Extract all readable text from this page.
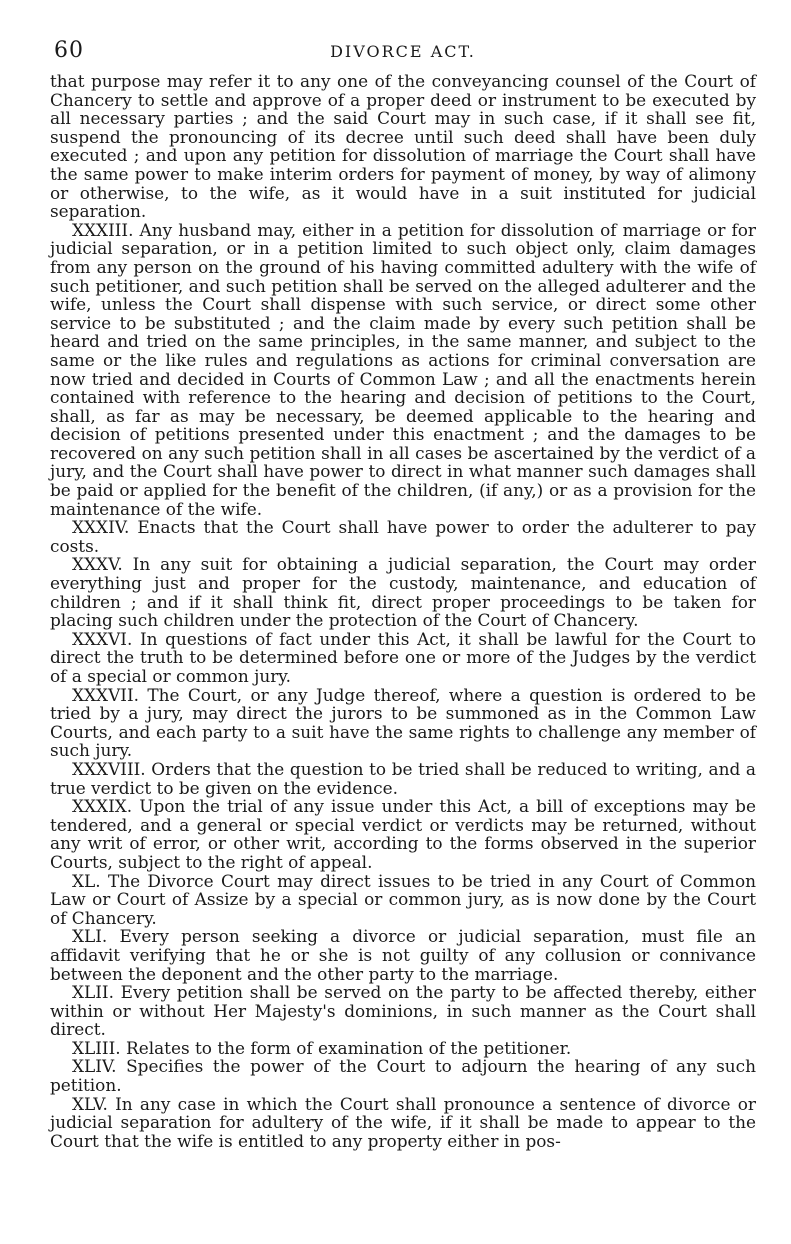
60	DIVORCE ACT.

that purpose may refer it to any one of the conveyancing counsel of the Court of Chancery to settle and approve of a proper deed or instrument to be executed by all necessary parties ; and the said Court may in such case, if it shall see fit, suspend the pronouncing of its decree until such deed shall have been duly executed ; and upon any petition for dissolution of marriage the Court shall have the same power to make interim orders for payment of money, by way of alimony or otherwise, to the wife, as it would have in a suit instituted for judicial separation.

XXXIII. Any husband may, either in a petition for dissolution of marriage or for judicial separation, or in a petition limited to such object only, claim damages from any person on the ground of his having committed adultery with the wife of such petitioner, and such petition shall be served on the alleged adulterer and the wife, unless the Court shall dispense with such service, or direct some other service to be substituted ; and the claim made by every such petition shall be heard and tried on the same principles, in the same manner, and subject to the same or the like rules and regulations as actions for criminal conversation are now tried and decided in Courts of Common Law ; and all the enactments herein contained with reference to the hearing and decision of petitions to the Court, shall, as far as may be necessary, be deemed applicable to the hearing and decision of petitions presented under this enactment ; and the damages to be recovered on any such petition shall in all cases be ascertained by the verdict of a jury, and the Court shall have power to direct in what manner such damages shall be paid or applied for the benefit of the children, (if any,) or as a provision for the maintenance of the wife.

XXXIV. Enacts that the Court shall have power to order the adulterer to pay costs.

XXXV. In any suit for obtaining a judicial separation, the Court may order everything just and proper for the custody, maintenance, and education of children ; and if it shall think fit, direct proper proceedings to be taken for placing such children under the protection of the Court of Chancery.

XXXVI. In questions of fact under this Act, it shall be lawful for the Court to direct the truth to be determined before one or more of the Judges by the verdict of a special or common jury.

XXXVII. The Court, or any Judge thereof, where a question is ordered to be tried by a jury, may direct the jurors to be summoned as in the Common Law Courts, and each party to a suit have the same rights to challenge any member of such jury.

XXXVIII. Orders that the question to be tried shall be reduced to writing, and a true verdict to be given on the evidence.

XXXIX. Upon the trial of any issue under this Act, a bill of exceptions may be tendered, and a general or special verdict or verdicts may be returned, without any writ of error, or other writ, according to the forms observed in the superior Courts, subject to the right of appeal.

XL. The Divorce Court may direct issues to be tried in any Court of Common Law or Court of Assize by a special or common jury, as is now done by the Court of Chancery.

XLI. Every person seeking a divorce or judicial separation, must file an affidavit verifying that he or she is not guilty of any collusion or connivance between the deponent and the other party to the marriage.

XLII. Every petition shall be served on the party to be affected thereby, either within or without Her Majesty's dominions, in such manner as the Court shall direct.

XLIII. Relates to the form of examination of the petitioner.

XLIV. Specifies the power of the Court to adjourn the hearing of any such petition.

XLV. In any case in which the Court shall pronounce a sentence of divorce or judicial separation for adultery of the wife, if it shall be made to appear to the Court that the wife is entitled to any property either in pos-
